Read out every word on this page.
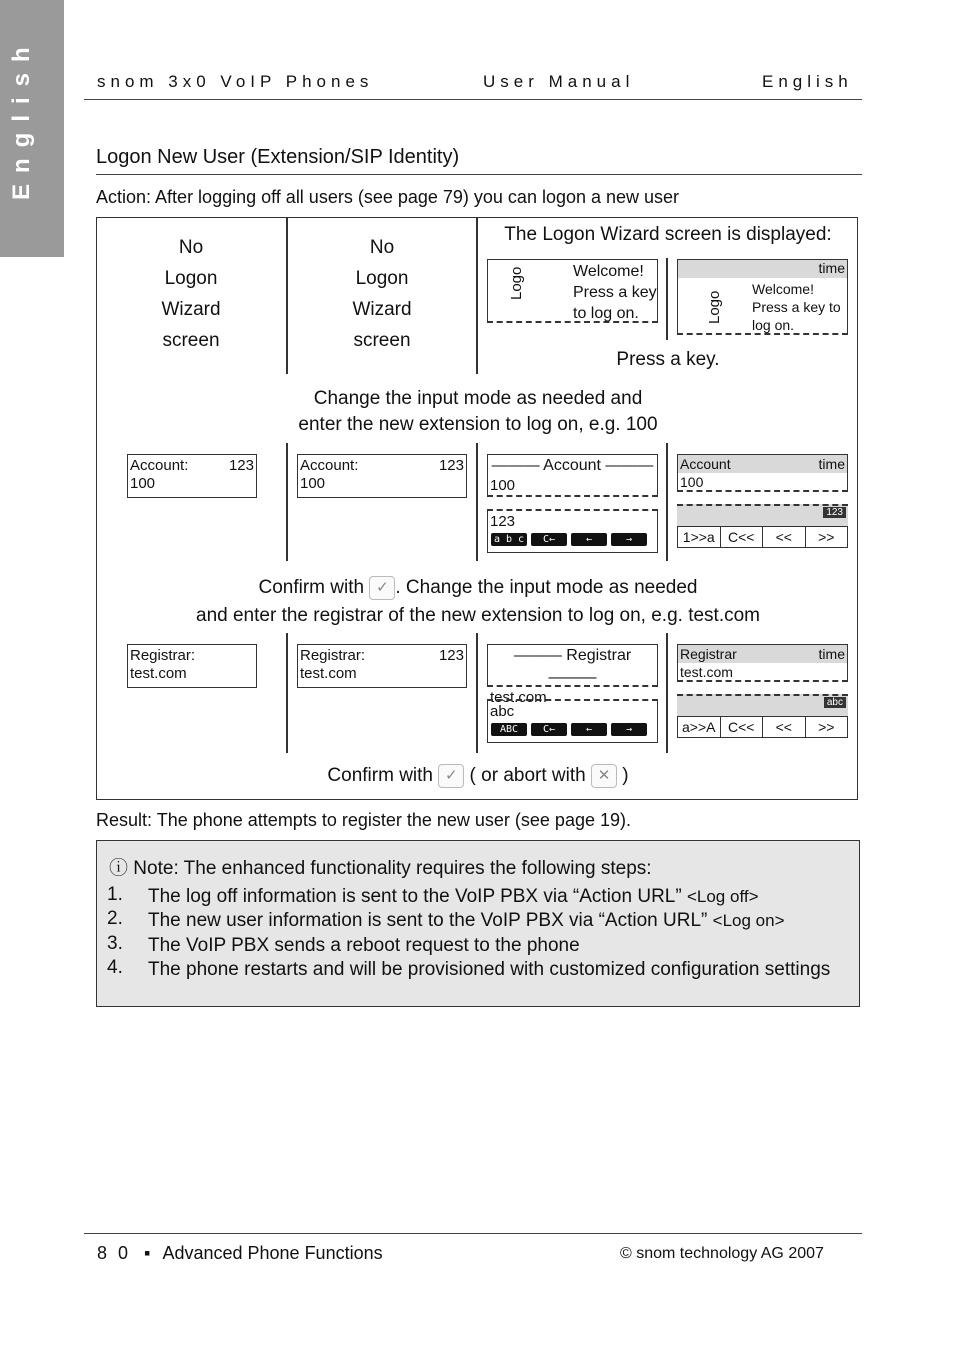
snom 3x0 VoIP Phones	User Manual	English
Logon New User (Extension/SIP Identity)
Action: After logging off all users (see page 79) you can logon a new user
No
Logon
Wizard
screen
No
Logon
Wizard
screen
The Logon Wizard screen is displayed:
Logo	Welcome!
Press a key
to log on.
time
Logo
Welcome!
Press a key to
log on.
Press a key.
Change the input mode as needed and
enter the new extension to log on, e.g. 100
Account:	123
100
Account:	123
100
——— Account ———
100
123
a b c	C←	←	→
Account	time
100
123
1>>a C<<	<<	>>
Confirm with ✓ . Change the input mode as needed
and enter the registrar of the new extension to log on, e.g. test.com
Registrar:
test.com
Registrar:	123
test.com
——— Registrar ———
test.com
abc
ABC	C←	←	→
Registrar	time
test.com
abc
a>>A C<<	<<	>>
Confirm with ✓ ( or abort with ✕ )
Result: The phone attempts to register the new user (see page 19).
ⓘ Note: The enhanced functionality requires the following steps:
1.	The log off information is sent to the VoIP PBX via “Action URL” <Log off>
2.	The new user information is sent to the VoIP PBX via “Action URL” <Log on>
3.	The VoIP PBX sends a reboot request to the phone
4.	The phone restarts and will be provisioned with customized configuration settings
8 0 ▪ Advanced Phone Functions	© snom technology AG 2007
